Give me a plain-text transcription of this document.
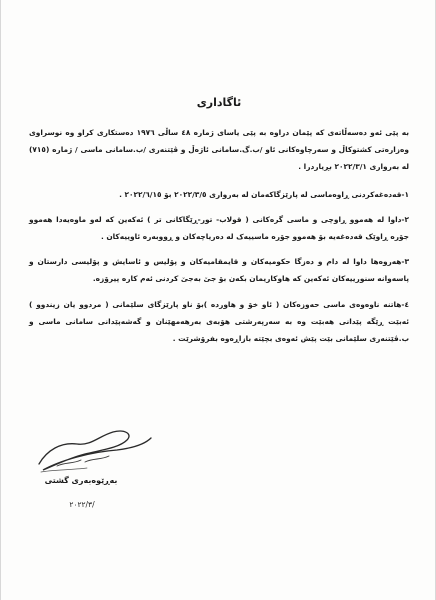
ئاگاداری

به پێی ئەو دەسەڵاتەی کە پێمان دراوە بە پێی یاسای ژمارە ٤٨ ساڵی ١٩٧٦ دەستکاری کراو وە نوسراوی وەزارەتی کشتوکاڵ و سەرچاوەکانی ئاو /ب.گ.سامانی ئاژەڵ و ڤێتنەری /ب.سامانی ماسی / ژمارە (٧١٥) لە بەرواری ٢٠٢٢/٣/١ بڕیاردرا .

١-قەدەغەکردنی ڕاوەماسی لە پارێزگاکەمان لە بەرواری ٢٠٢٢/٣/٥ بۆ ٢٠٢٢/٦/١٥ .

٢-داوا لە هەموو ڕاوچی و ماسی گرەکانی ( قولاب- تور-ڕێگاکانی تر ) ئەکەین کە لەو ماوەیەدا هەموو جۆرە ڕاوێک قەدەغەیە بۆ هەموو جۆرە ماسییەک لە دەریاچەکان و ڕووبەرە ئاوییەکان .

٣-هەروەها داوا لە دام و دەزگا حکومیەکان و قایمقامیەکان و پۆلیس و ئاسایش و پۆلیسی دارستان و پاسەوانە سنورییەکان ئەکەین کە هاوکاریمان بکەن بۆ جێ بەجێ کردنی ئەم کارە پیرۆزە.

٤-هاتنە ناوەوەی ماسی حەوزەکان ( ئاو خۆ و هاوردە )بۆ ناو پارێزگای سلێمانی ( مردوو یان زیندوو ) ئەبێت ڕێگە پێدانی هەبێت وە بە سەرپەرشتی هۆبەی بەرهەمهێنان و گەشەپێدانی سامانی ماسی و ب.ڤێتنەری سلێمانی بێت پێش ئەوەی بچێتە بازاڕەوە بفرۆشرێت .

بەڕێوەبەری گشتی
٢٠٢٢/٣/
